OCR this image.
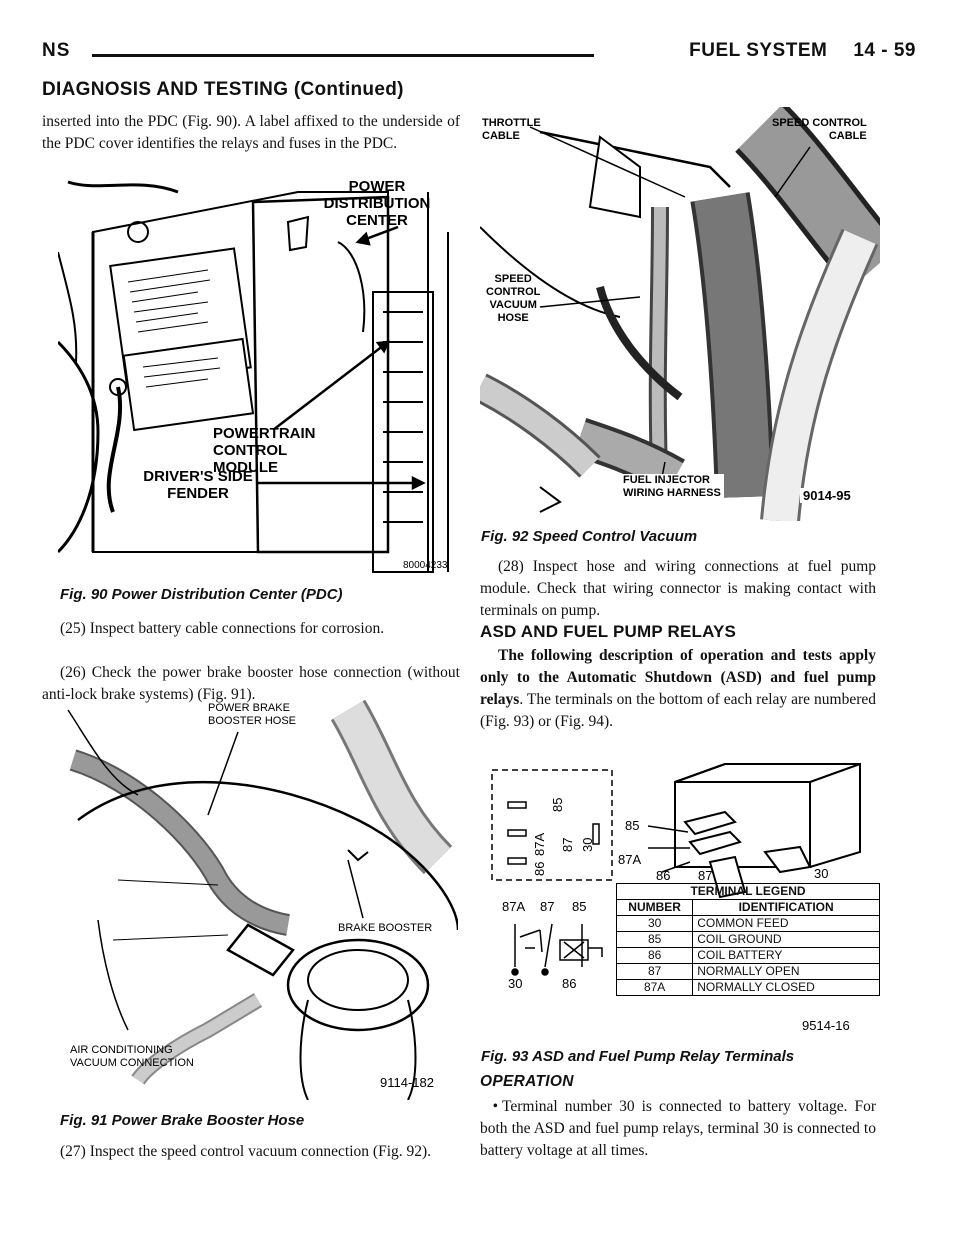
NS	FUEL SYSTEM 14 - 59
DIAGNOSIS AND TESTING (Continued)
inserted into the PDC (Fig. 90). A label affixed to the underside of the PDC cover identifies the relays and fuses in the PDC.
POWER
DISTRIBUTION
CENTER
POWERTRAIN
CONTROL MODULE
DRIVER'S SIDE
FENDER
80004233
Fig. 90 Power Distribution Center (PDC)
(25) Inspect battery cable connections for corrosion.
(26) Check the power brake booster hose connection (without anti-lock brake systems) (Fig. 91).
POWER BRAKE
BOOSTER HOSE
BRAKE BOOSTER
AIR CONDITIONING
VACUUM CONNECTION
9114-182
Fig. 91 Power Brake Booster Hose
(27) Inspect the speed control vacuum connection (Fig. 92).
THROTTLE
CABLE
SPEED CONTROL
CABLE
SPEED
CONTROL
VACUUM
HOSE
FUEL INJECTOR
WIRING HARNESS	9014-95
Fig. 92 Speed Control Vacuum
(28) Inspect hose and wiring connections at fuel pump module. Check that wiring connector is making contact with terminals on pump.
ASD AND FUEL PUMP RELAYS
The following description of operation and tests apply only to the Automatic Shutdown (ASD) and fuel pump relays. The terminals on the bottom of each relay are numbered (Fig. 93) or (Fig. 94).
87A
85
87 30
86
87A 87 85
30	86
85
87A
86 87	30
TERMINAL LEGEND	
NUMBER	IDENTIFICATION
30	COMMON FEED
85	COIL GROUND
86	COIL BATTERY
87	NORMALLY OPEN
87A	NORMALLY CLOSED
9514-16
Fig. 93 ASD and Fuel Pump Relay Terminals
OPERATION
• Terminal number 30 is connected to battery voltage. For both the ASD and fuel pump relays, terminal 30 is connected to battery voltage at all times.
